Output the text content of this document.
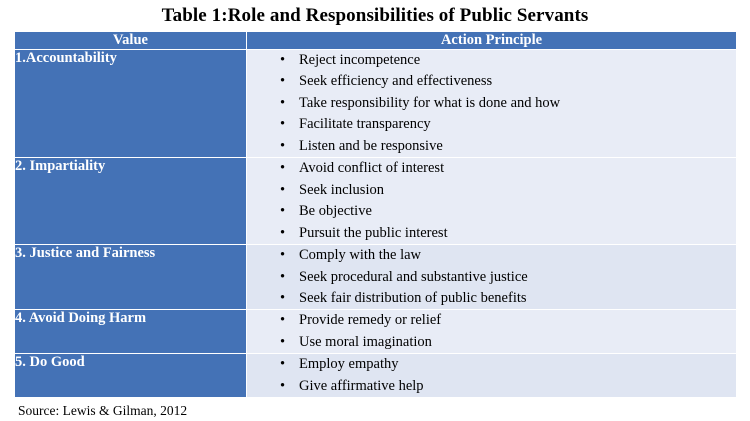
Table 1:Role and Responsibilities of Public Servants
Value	Action Principle
1.Accountability	• Reject incompetence
• Seek efficiency and effectiveness
• Take responsibility for what is done and how
• Facilitate transparency
• Listen and be responsive

2. Impartiality	• Avoid conflict of interest
• Seek inclusion
• Be objective
• Pursuit the public interest

3. Justice and Fairness	• Comply with the law
• Seek procedural and substantive justice
• Seek fair distribution of public benefits

4. Avoid Doing Harm	• Provide remedy or relief
• Use moral imagination

5. Do Good	• Employ empathy
• Give affirmative help
Source: Lewis & Gilman, 2012
